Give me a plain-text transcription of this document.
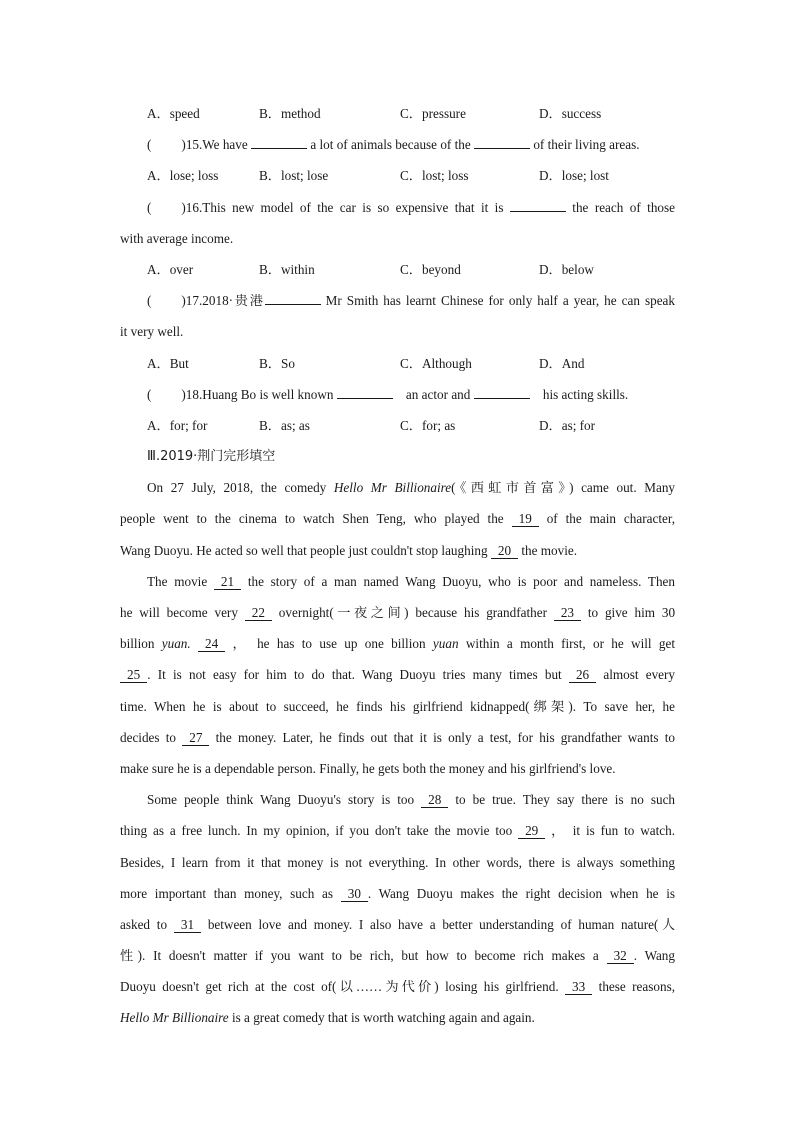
A．speed	B．method	C．pressure	D．success
( )15.We have	a lot of animals because of the	of their living areas.
A．lose; loss	B．lost; lose	C．lost; loss	D．lose; lost
( )16.This new model of the car is so expensive that it is	the reach of those
with average income.
A．over	B．within	C．beyond	D．below
( )17.2018·贵港	Mr Smith has learnt Chinese for only half a year, he can speak
it very well.
A．But	B．So	C．Although	D．And
( )18.Huang Bo is well known	an actor and	his acting skills.
A．for; for	B．as; as	C．for; as	D．as; for
Ⅲ.2019·荆门完形填空
On 27 July, 2018, the comedy Hello Mr Billionaire(《西虹市首富》) came out. Many
people went to the cinema to watch Shen Teng, who played the 19 of the main character,
Wang Duoyu. He acted so well that people just couldn't stop laughing 20 the movie.
The movie 21 the story of a man named Wang Duoyu, who is poor and nameless. Then
he will become very 22 overnight(一夜之间) because his grandfather 23 to give him 30
billion yuan. 24 ， he has to use up one billion yuan within a month first, or he will get
25 . It is not easy for him to do that. Wang Duoyu tries many times but 26 almost every
time. When he is about to succeed, he finds his girlfriend kidnapped(绑架). To save her, he
decides to 27 the money. Later, he finds out that it is only a test, for his grandfather wants to
make sure he is a dependable person. Finally, he gets both the money and his girlfriend's love.
Some people think Wang Duoyu's story is too 28 to be true. They say there is no such
thing as a free lunch. In my opinion, if you don't take the movie too 29 ， it is fun to watch.
Besides, I learn from it that money is not everything. In other words, there is always something
more important than money, such as 30 . Wang Duoyu makes the right decision when he is
asked to 31 between love and money. I also have a better understanding of human nature(人
性). It doesn't matter if you want to be rich, but how to become rich makes a 32 . Wang
Duoyu doesn't get rich at the cost of(以……为代价) losing his girlfriend. 33 these reasons,
Hello Mr Billionaire is a great comedy that is worth watching again and again.
